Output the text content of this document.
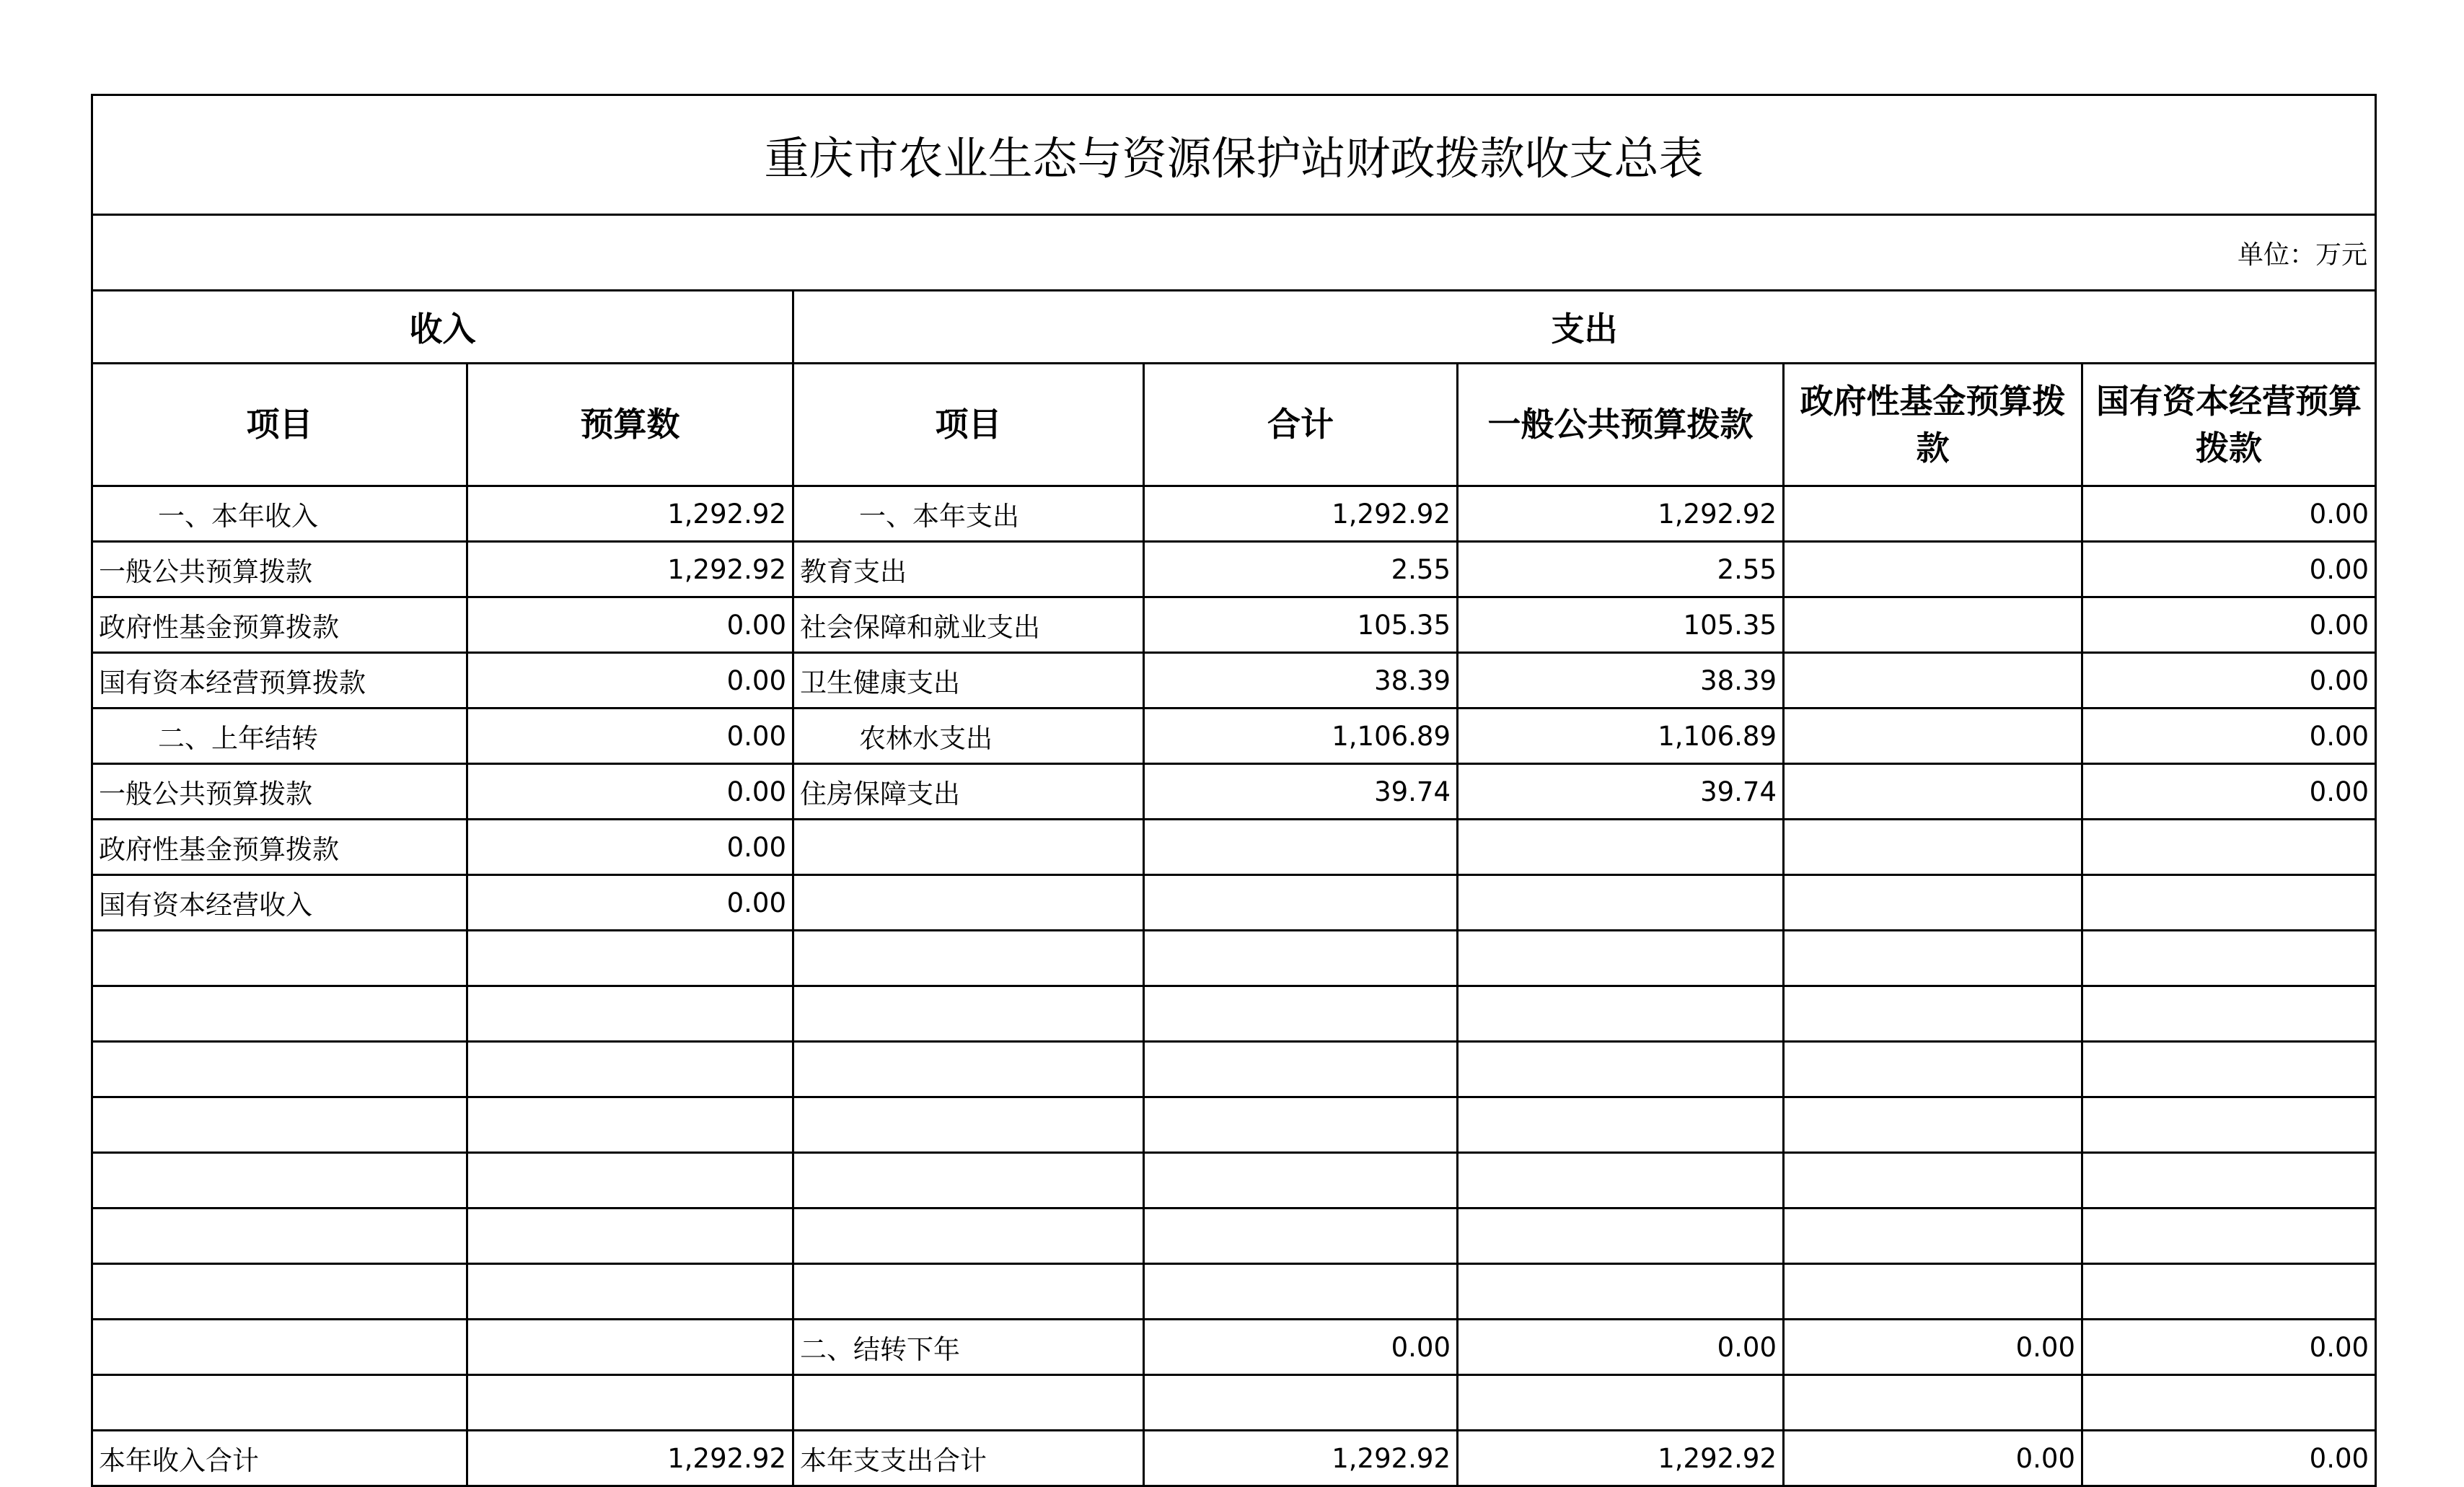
重庆市农业生态与资源保护站财政拨款收支总表						
单位：万元						
收入		支出				
项目	预算数	项目	合计	一般公共预算拨款	政府性基金预算拨款	国有资本经营预算拨款
一、本年收入	1,292.92	一、本年支出	1,292.92	1,292.92		0.00
一般公共预算拨款	1,292.92	教育支出	2.55	2.55		0.00
政府性基金预算拨款	0.00	社会保障和就业支出	105.35	105.35		0.00
国有资本经营预算拨款	0.00	卫生健康支出	38.39	38.39		0.00
二、上年结转	0.00	农林水支出	1,106.89	1,106.89		0.00
一般公共预算拨款	0.00	住房保障支出	39.74	39.74		0.00
政府性基金预算拨款	0.00					
国有资本经营收入	0.00					

		二、结转下年	0.00	0.00	0.00	0.00

本年收入合计	1,292.92	本年支支出合计	1,292.92	1,292.92	0.00	0.00
